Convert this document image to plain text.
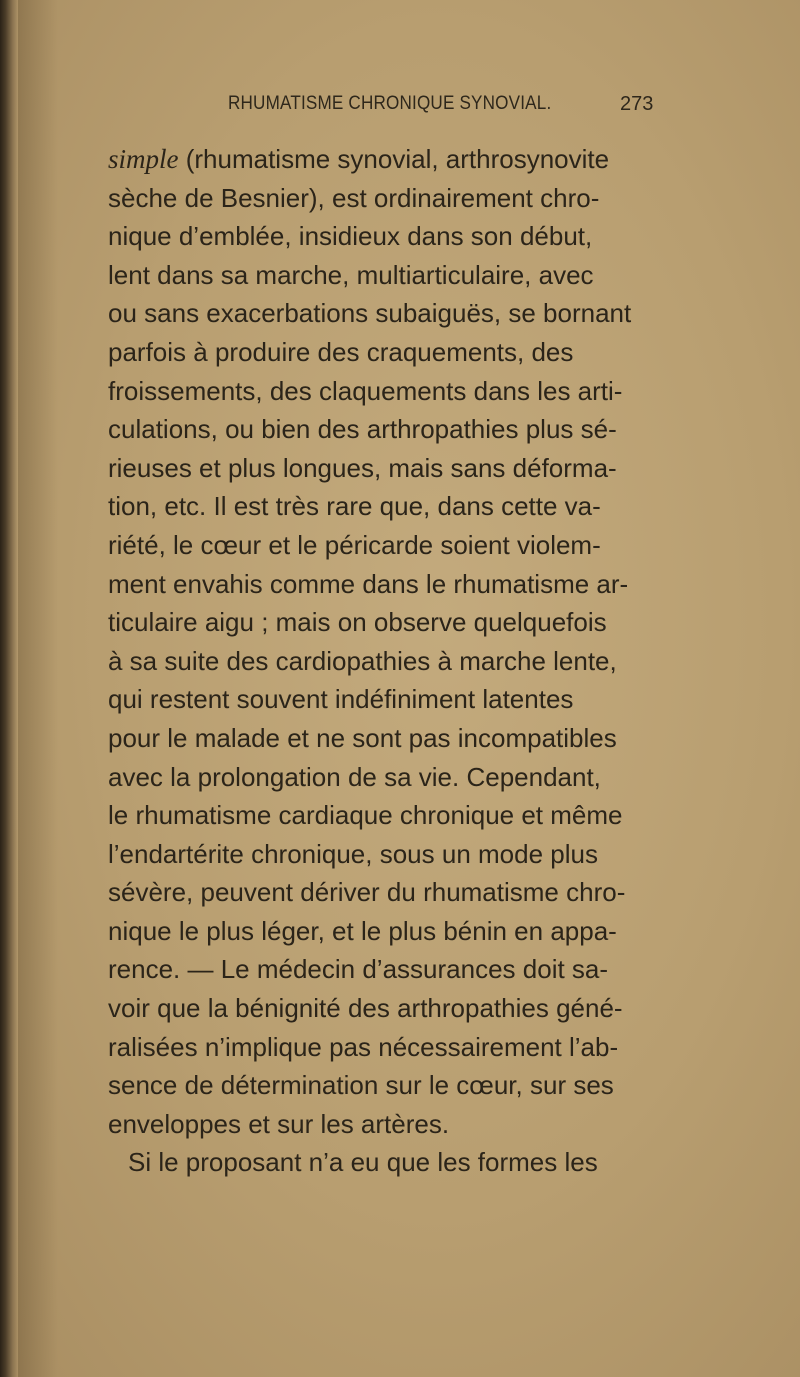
RHUMATISME CHRONIQUE SYNOVIAL.	273
simple (rhumatisme synovial, arthrosynovite
sèche de Besnier), est ordinairement chro-
nique d’emblée, insidieux dans son début,
lent dans sa marche, multiarticulaire, avec
ou sans exacerbations subaiguës, se bornant
parfois à produire des craquements, des
froissements, des claquements dans les arti-
culations, ou bien des arthropathies plus sé-
rieuses et plus longues, mais sans déforma-
tion, etc. Il est très rare que, dans cette va-
riété, le cœur et le péricarde soient violem-
ment envahis comme dans le rhumatisme ar-
ticulaire aigu ; mais on observe quelquefois
à sa suite des cardiopathies à marche lente,
qui restent souvent indéfiniment latentes
pour le malade et ne sont pas incompatibles
avec la prolongation de sa vie. Cependant,
le rhumatisme cardiaque chronique et même
l’endartérite chronique, sous un mode plus
sévère, peuvent dériver du rhumatisme chro-
nique le plus léger, et le plus bénin en appa-
rence. — Le médecin d’assurances doit sa-
voir que la bénignité des arthropathies géné-
ralisées n’implique pas nécessairement l’ab-
sence de détermination sur le cœur, sur ses
enveloppes et sur les artères.
Si le proposant n’a eu que les formes les
